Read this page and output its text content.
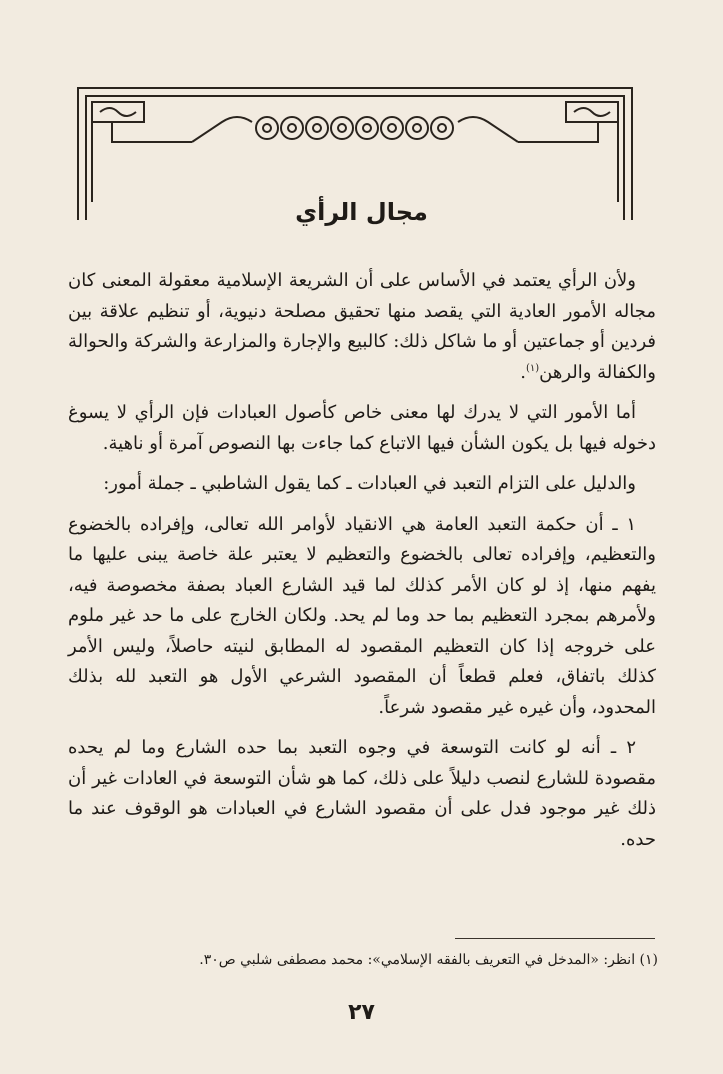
مجال الرأي

ولأن الرأي يعتمد في الأساس على أن الشريعة الإسلامية معقولة المعنى كان مجاله الأمور العادية التي يقصد منها تحقيق مصلحة دنيوية، أو تنظيم علاقة بين فردين أو جماعتين أو ما شاكل ذلك: كالبيع والإجارة والمزارعة والشركة والحوالة والكفالة والرهن$^{(١)}$.

أما الأمور التي لا يدرك لها معنى خاص كأصول العبادات فإن الرأي لا يسوغ دخوله فيها بل يكون الشأن فيها الاتباع كما جاءت بها النصوص آمرة أو ناهية.

والدليل على التزام التعبد في العبادات ـ كما يقول الشاطبي ـ جملة أمور:

١ ـ أن حكمة التعبد العامة هي الانقياد لأوامر الله تعالى، وإفراده بالخضوع والتعظيم، وإفراده تعالى بالخضوع والتعظيم لا يعتبر علة خاصة يبنى عليها ما يفهم منها، إذ لو كان الأمر كذلك لما قيد الشارع العباد بصفة مخصوصة فيه، ولأمرهم بمجرد التعظيم بما حد وما لم يحد. ولكان الخارج على ما حد غير ملوم على خروجه إذا كان التعظيم المقصود له المطابق لنيته حاصلاً، وليس الأمر كذلك باتفاق، فعلم قطعاً أن المقصود الشرعي الأول هو التعبد لله بذلك المحدود، وأن غيره غير مقصود شرعاً.

٢ ـ أنه لو كانت التوسعة في وجوه التعبد بما حده الشارع وما لم يحده مقصودة للشارع لنصب دليلاً على ذلك، كما هو شأن التوسعة في العادات غير أن ذلك غير موجود فدل على أن مقصود الشارع في العبادات هو الوقوف عند ما حده.

(١) انظر: «المدخل في التعريف بالفقه الإسلامي»: محمد مصطفى شلبي ص٣٠.
٢٧
